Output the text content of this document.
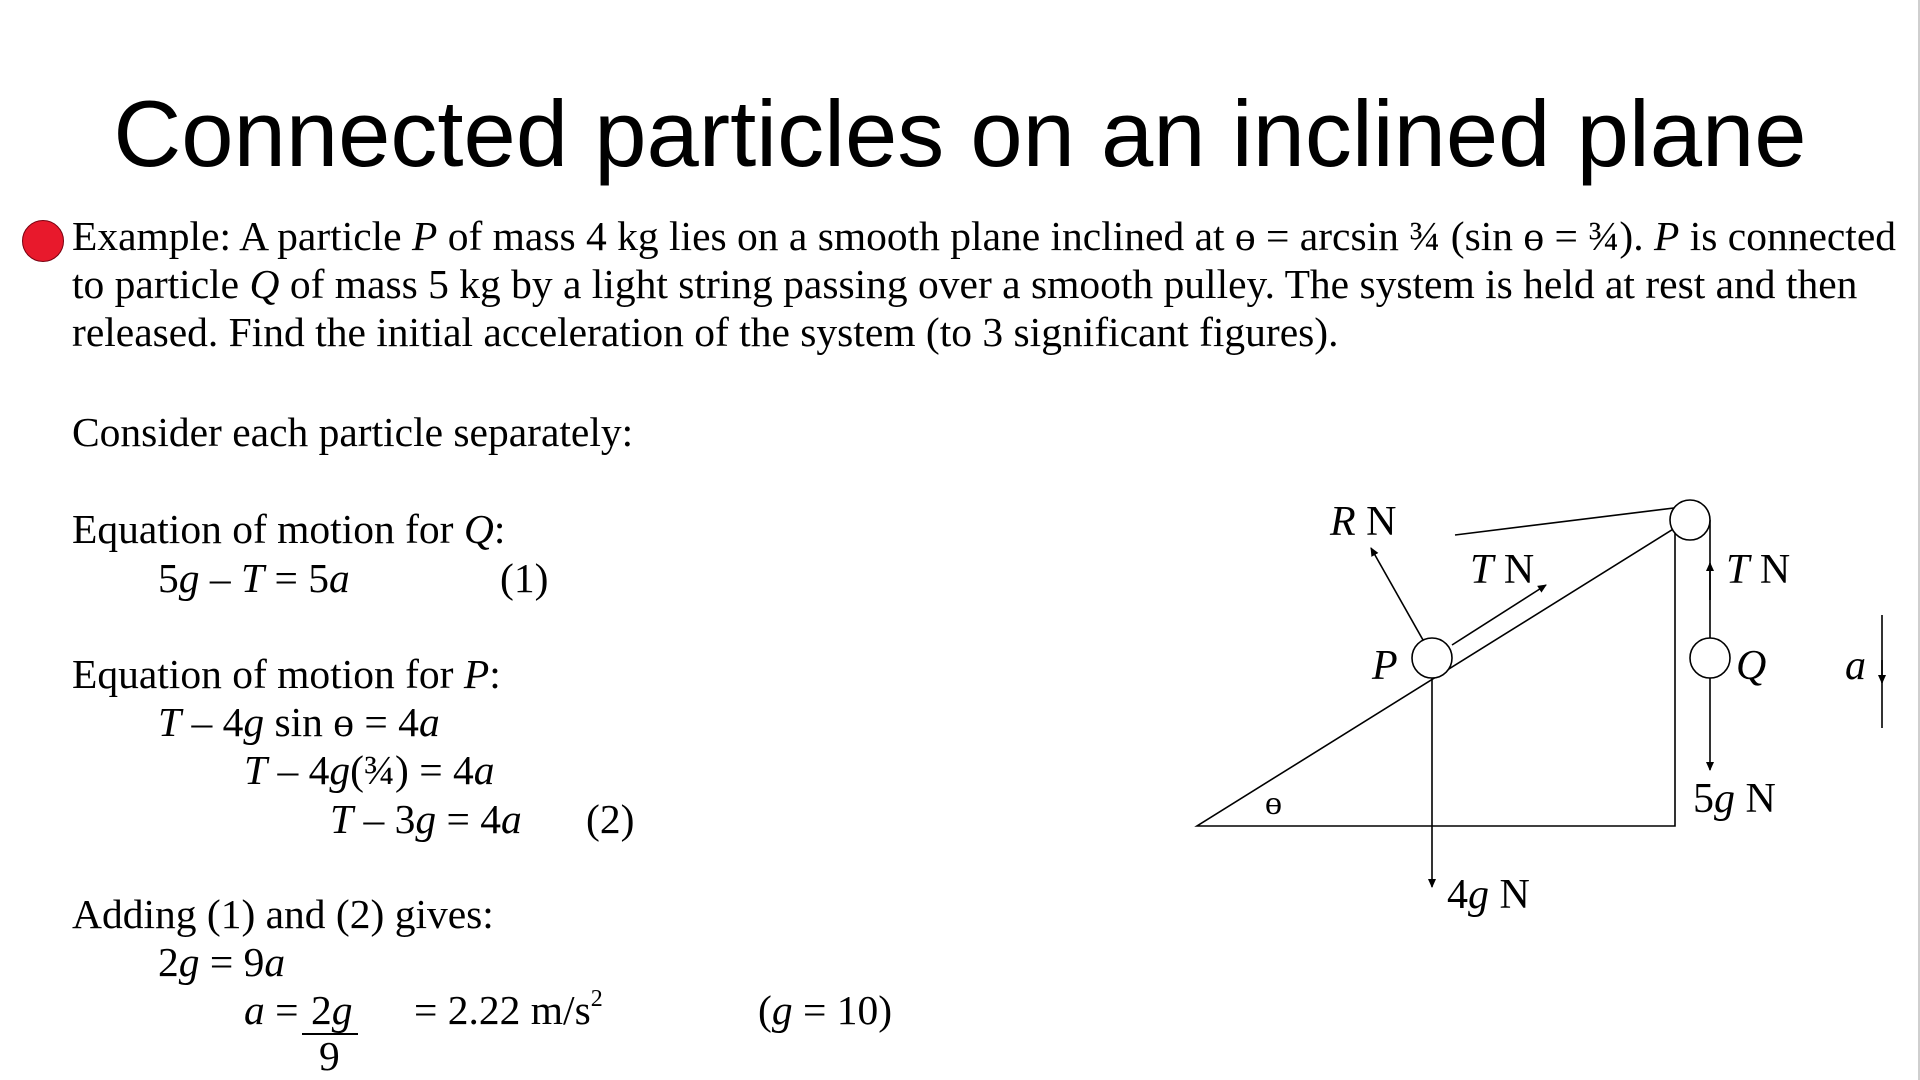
Connected particles on an inclined plane
Example: A particle P of mass 4 kg lies on a smooth plane inclined at ɵ = arcsin ¾ (sin ɵ = ¾). P is connected to particle Q of mass 5 kg by a light string passing over a smooth pulley. The system is held at rest and then released. Find the initial acceleration of the system (to 3 significant figures).
Consider each particle separately:
Equation of motion for Q:
5g – T = 5a	(1)
Equation of motion for P:
T – 4g sin ɵ = 4a
T – 4g(¾) = 4a
T – 3g = 4a (2)
Adding (1) and (2) gives:
2g = 9a
a = 2g
9
= 2.22 $m/s^2$	(g = 10)
R N
T N	T N
P	Q a
ɵ	5g N
4g N
